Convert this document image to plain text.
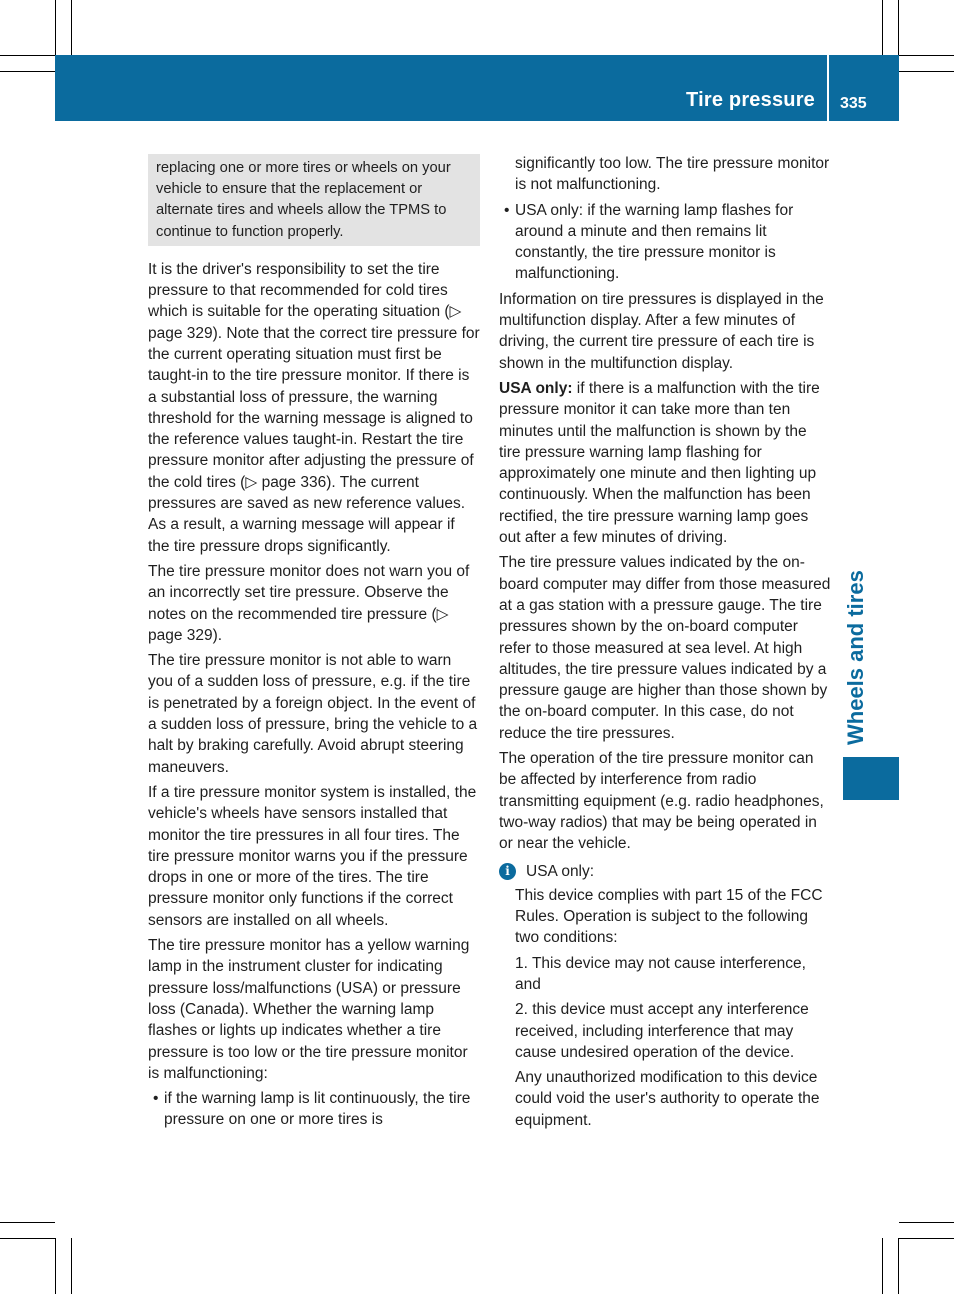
Tire pressure 335
Wheels and tires
replacing one or more tires or wheels on your vehicle to ensure that the replacement or alternate tires and wheels allow the TPMS to continue to function properly.

It is the driver's responsibility to set the tire pressure to that recommended for cold tires which is suitable for the operating situation (▷ page 329). Note that the correct tire pressure for the current operating situation must first be taught-in to the tire pressure monitor. If there is a substantial loss of pressure, the warning threshold for the warning message is aligned to the reference values taught-in. Restart the tire pressure monitor after adjusting the pressure of the cold tires (▷ page 336). The current pressures are saved as new reference values. As a result, a warning message will appear if the tire pressure drops significantly.

The tire pressure monitor does not warn you of an incorrectly set tire pressure. Observe the notes on the recommended tire pressure (▷ page 329).

The tire pressure monitor is not able to warn you of a sudden loss of pressure, e.g. if the tire is penetrated by a foreign object. In the event of a sudden loss of pressure, bring the vehicle to a halt by braking carefully. Avoid abrupt steering maneuvers.

If a tire pressure monitor system is installed, the vehicle's wheels have sensors installed that monitor the tire pressures in all four tires. The tire pressure monitor warns you if the pressure drops in one or more of the tires. The tire pressure monitor only functions if the correct sensors are installed on all wheels.

The tire pressure monitor has a yellow warning lamp in the instrument cluster for indicating pressure loss/malfunctions (USA) or pressure loss (Canada). Whether the warning lamp flashes or lights up indicates whether a tire pressure is too low or the tire pressure monitor is malfunctioning:

• if the warning lamp is lit continuously, the tire pressure on one or more tires is

significantly too low. The tire pressure monitor is not malfunctioning.

• USA only: if the warning lamp flashes for around a minute and then remains lit constantly, the tire pressure monitor is malfunctioning.

Information on tire pressures is displayed in the multifunction display. After a few minutes of driving, the current tire pressure of each tire is shown in the multifunction display.

USA only: if there is a malfunction with the tire pressure monitor it can take more than ten minutes until the malfunction is shown by the tire pressure warning lamp flashing for approximately one minute and then lighting up continuously. When the malfunction has been rectified, the tire pressure warning lamp goes out after a few minutes of driving.

The tire pressure values indicated by the on-board computer may differ from those measured at a gas station with a pressure gauge. The tire pressures shown by the on-board computer refer to those measured at sea level. At high altitudes, the tire pressure values indicated by a pressure gauge are higher than those shown by the on-board computer. In this case, do not reduce the tire pressures.

The operation of the tire pressure monitor can be affected by interference from radio transmitting equipment (e.g. radio headphones, two-way radios) that may be being operated in or near the vehicle.

i	USA only:

This device complies with part 15 of the FCC Rules. Operation is subject to the following two conditions:

1. This device may not cause interference, and

2. this device must accept any interference received, including interference that may cause undesired operation of the device.

Any unauthorized modification to this device could void the user's authority to operate the equipment.
